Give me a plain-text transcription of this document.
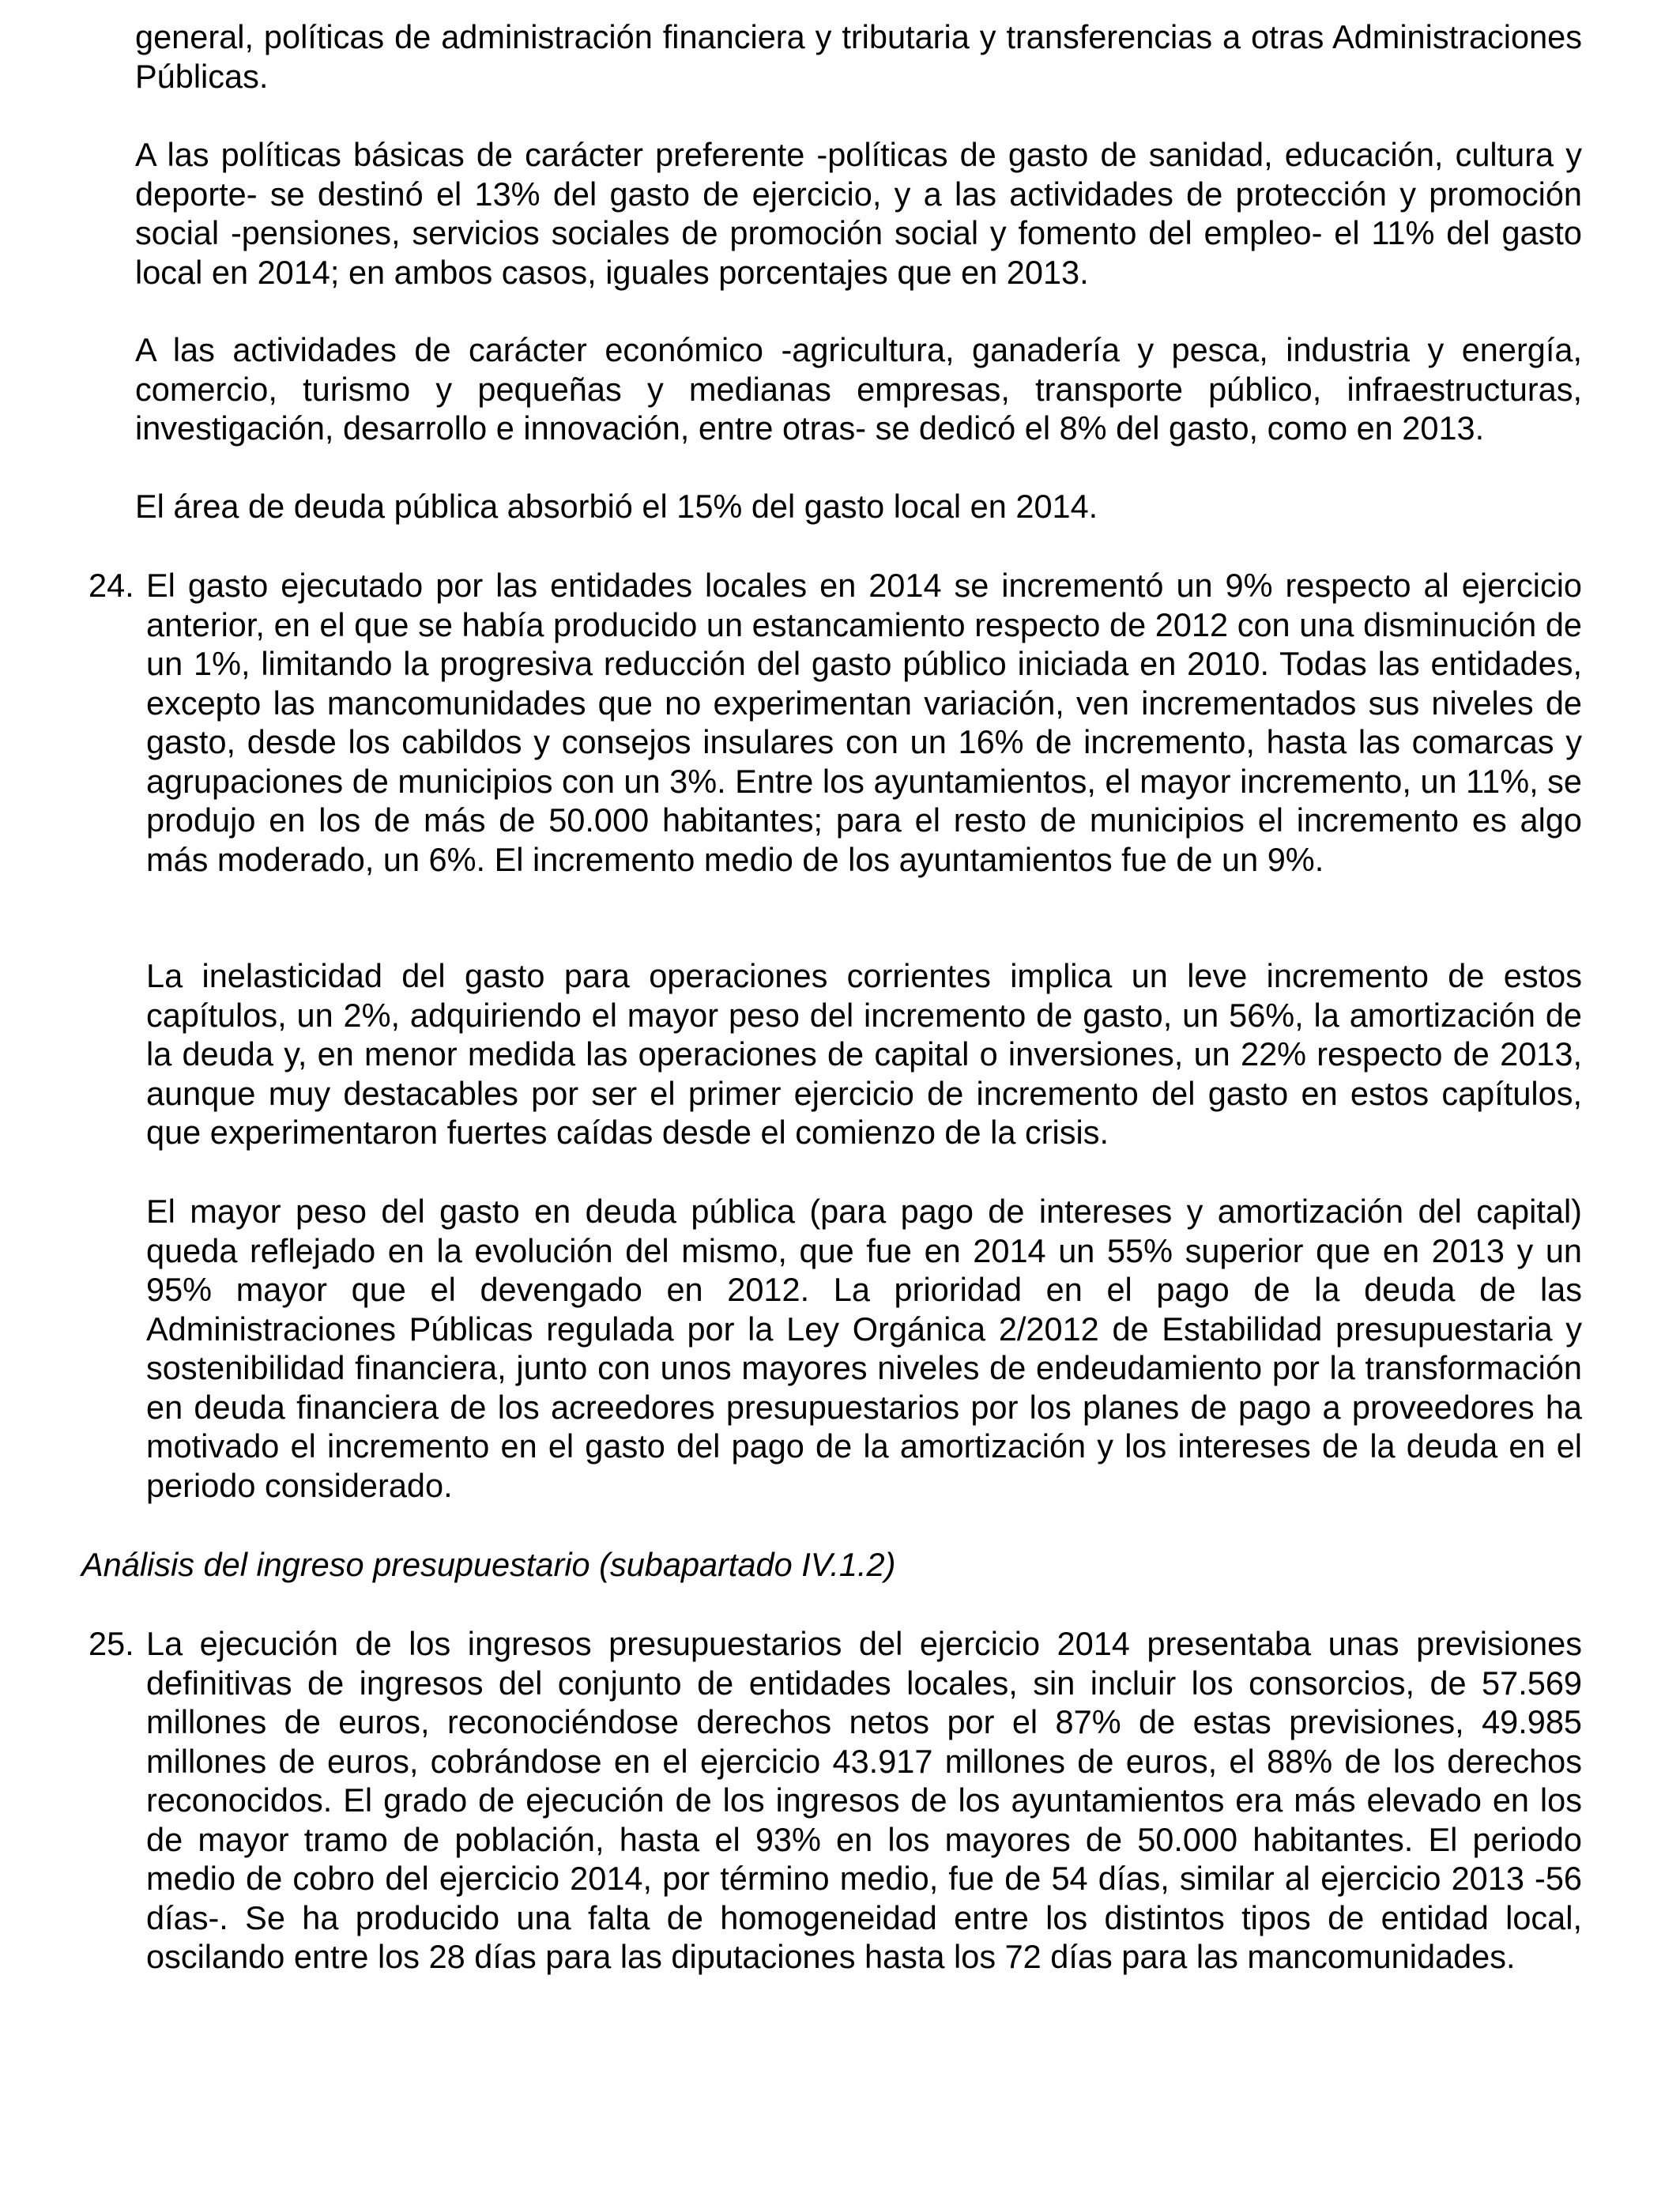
general, políticas de administración financiera y tributaria y transferencias a otras Administraciones Públicas.

A las políticas básicas de carácter preferente -políticas de gasto de sanidad, educación, cultura y deporte- se destinó el 13% del gasto de ejercicio, y a las actividades de protección y promoción social -pensiones, servicios sociales de promoción social y fomento del empleo- el 11% del gasto local en 2014; en ambos casos, iguales porcentajes que en 2013.

A las actividades de carácter económico -agricultura, ganadería y pesca, industria y energía, comercio, turismo y pequeñas y medianas empresas, transporte público, infraestructuras, investigación, desarrollo e innovación, entre otras- se dedicó el 8% del gasto, como en 2013.

El área de deuda pública absorbió el 15% del gasto local en 2014.

24. El gasto ejecutado por las entidades locales en 2014 se incrementó un 9% respecto al ejercicio anterior, en el que se había producido un estancamiento respecto de 2012 con una disminución de un 1%, limitando la progresiva reducción del gasto público iniciada en 2010. Todas las entidades, excepto las mancomunidades que no experimentan variación, ven incrementados sus niveles de gasto, desde los cabildos y consejos insulares con un 16% de incremento, hasta las comarcas y agrupaciones de municipios con un 3%. Entre los ayuntamientos, el mayor incremento, un 11%, se produjo en los de más de 50.000 habitantes; para el resto de municipios el incremento es algo más moderado, un 6%. El incremento medio de los ayuntamientos fue de un 9%.

La inelasticidad del gasto para operaciones corrientes implica un leve incremento de estos capítulos, un 2%, adquiriendo el mayor peso del incremento de gasto, un 56%, la amortización de la deuda y, en menor medida las operaciones de capital o inversiones, un 22% respecto de 2013, aunque muy destacables por ser el primer ejercicio de incremento del gasto en estos capítulos, que experimentaron fuertes caídas desde el comienzo de la crisis.

El mayor peso del gasto en deuda pública (para pago de intereses y amortización del capital) queda reflejado en la evolución del mismo, que fue en 2014 un 55% superior que en 2013 y un 95% mayor que el devengado en 2012. La prioridad en el pago de la deuda de las Administraciones Públicas regulada por la Ley Orgánica 2/2012 de Estabilidad presupuestaria y sostenibilidad financiera, junto con unos mayores niveles de endeudamiento por la transformación en deuda financiera de los acreedores presupuestarios por los planes de pago a proveedores ha motivado el incremento en el gasto del pago de la amortización y los intereses de la deuda en el periodo considerado.

Análisis del ingreso presupuestario (subapartado IV.1.2)

25. La ejecución de los ingresos presupuestarios del ejercicio 2014 presentaba unas previsiones definitivas de ingresos del conjunto de entidades locales, sin incluir los consorcios, de 57.569 millones de euros, reconociéndose derechos netos por el 87% de estas previsiones, 49.985 millones de euros, cobrándose en el ejercicio 43.917 millones de euros, el 88% de los derechos reconocidos. El grado de ejecución de los ingresos de los ayuntamientos era más elevado en los de mayor tramo de población, hasta el 93% en los mayores de 50.000 habitantes. El periodo medio de cobro del ejercicio 2014, por término medio, fue de 54 días, similar al ejercicio 2013 -56 días-. Se ha producido una falta de homogeneidad entre los distintos tipos de entidad local, oscilando entre los 28 días para las diputaciones hasta los 72 días para las mancomunidades.
